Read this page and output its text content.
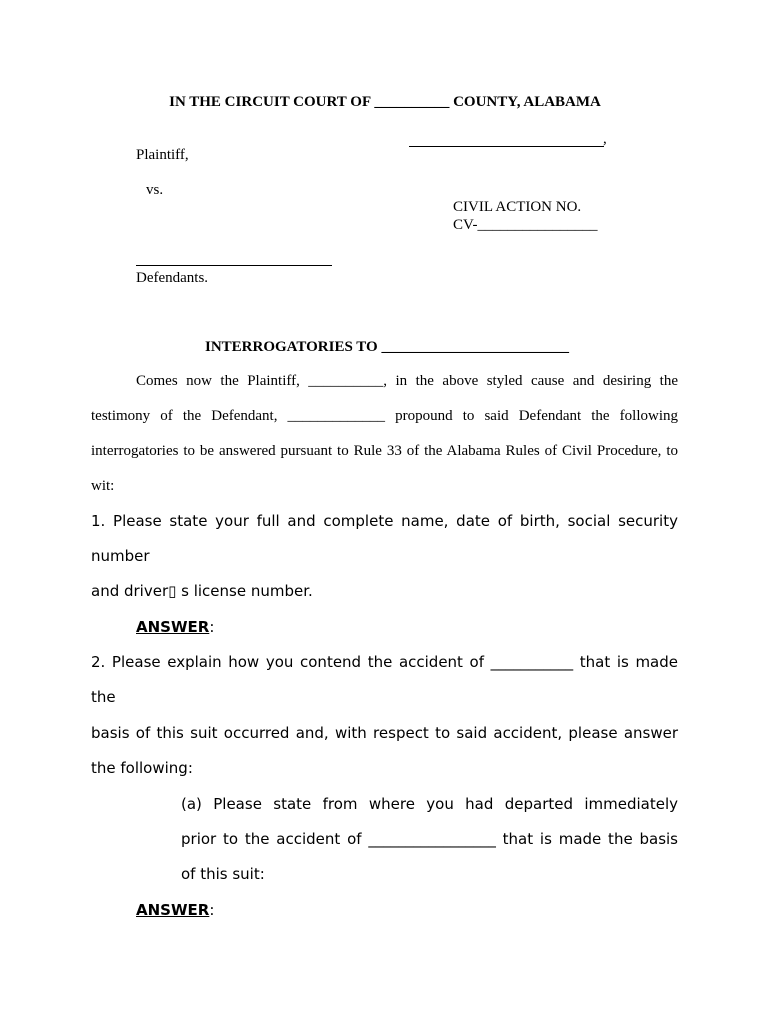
IN THE CIRCUIT COURT OF __________ COUNTY, ALABAMA
,
Plaintiff,
vs.
CIVIL ACTION NO.
CV-________________
Defendants.
INTERROGATORIES TO _________________________
Comes now the Plaintiff, __________, in the above styled cause and desiring the
testimony of the Defendant, _____________ propound to said Defendant the following
interrogatories to be answered pursuant to Rule 33 of the Alabama Rules of Civil Procedure, to
wit:
1. Please state your full and complete name, date of birth, social security
number
and driver▯ s license number.
ANSWER:
2. Please explain how you contend the accident of ___________ that is made
the
basis of this suit occurred and, with respect to said accident, please answer
the following:
(a) Please state from where you had departed immediately
prior to the accident of _________________ that is made the basis
of this suit:
ANSWER:
